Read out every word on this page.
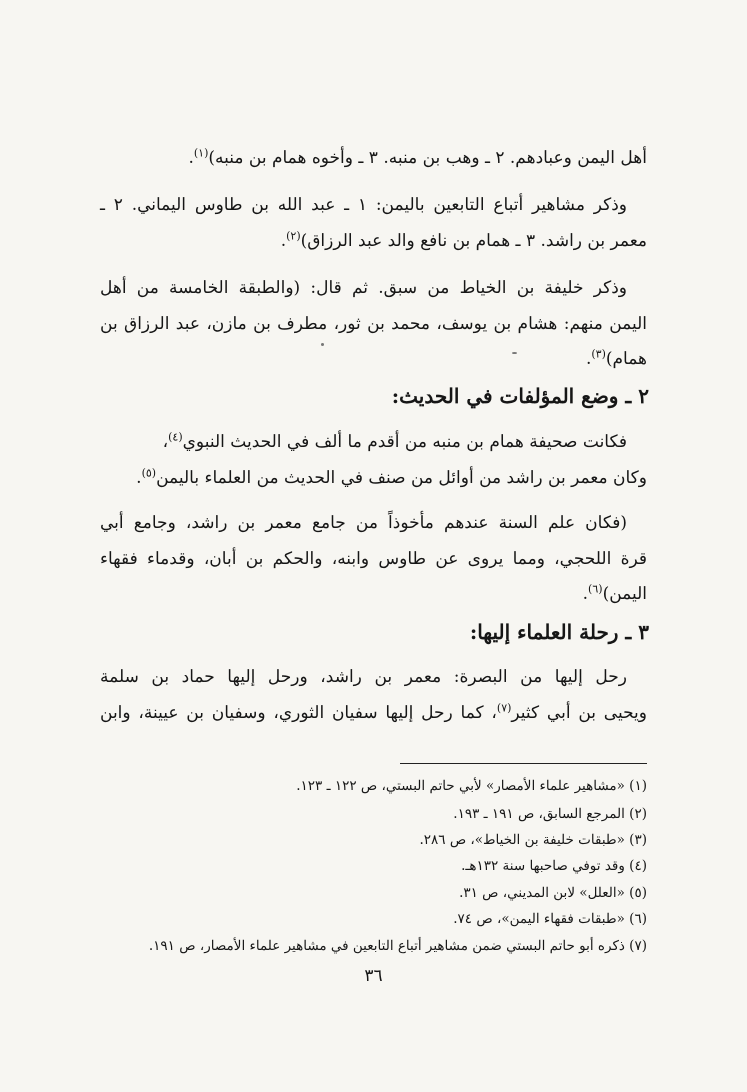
أهل اليمن وعبادهم. ٢ ـ وهب بن منبه. ٣ ـ وأخوه همام بن منبه)$^{(١)}$.
وذكر مشاهير أتباع التابعين باليمن: ١ ـ عبد الله بن طاوس اليماني. ٢ ـ
معمر بن راشد. ٣ ـ همام بن نافع والد عبد الرزاق)$^{(٢)}$.
وذكر خليفة بن الخياط من سبق. ثم قال: (والطبقة الخامسة من أهل
اليمن منهم: هشام بن يوسف، محمد بن ثور، مطرف بن مازن، عبد الرزاق بن
همام)$^{(٣)}$.
٢ ـ وضع المؤلفات في الحديث:
فكانت صحيفة همام بن منبه من أقدم ما ألف في الحديث النبوي$^{(٤)}$،
وكان معمر بن راشد من أوائل من صنف في الحديث من العلماء باليمن$^{(٥)}$.
(فكان علم السنة عندهم مأخوذاً من جامع معمر بن راشد، وجامع أبي
قرة اللحجي، ومما يروى عن طاوس وابنه، والحكم بن أبان، وقدماء فقهاء
اليمن)$^{(٦)}$.
٣ ـ رحلة العلماء إليها:
رحل إليها من البصرة: معمر بن راشد، ورحل إليها حماد بن سلمة
ويحيى بن أبي كثير$^{(٧)}$، كما رحل إليها سفيان الثوري، وسفيان بن عيينة، وابن
(١) «مشاهير علماء الأمصار» لأبي حاتم البستي، ص ١٢٢ ـ ١٢٣.
(٢) المرجع السابق، ص ١٩١ ـ ١٩٣.
(٣) «طبقات خليفة بن الخياط»، ص ٢٨٦.
(٤) وقد توفي صاحبها سنة ١٣٢هـ.
(٥) «العلل» لابن المديني، ص ٣١.
(٦) «طبقات فقهاء اليمن»، ص ٧٤.
(٧) ذكره أبو حاتم البستي ضمن مشاهير أتباع التابعين في مشاهير علماء الأمصار، ص ١٩١.
٣٦
